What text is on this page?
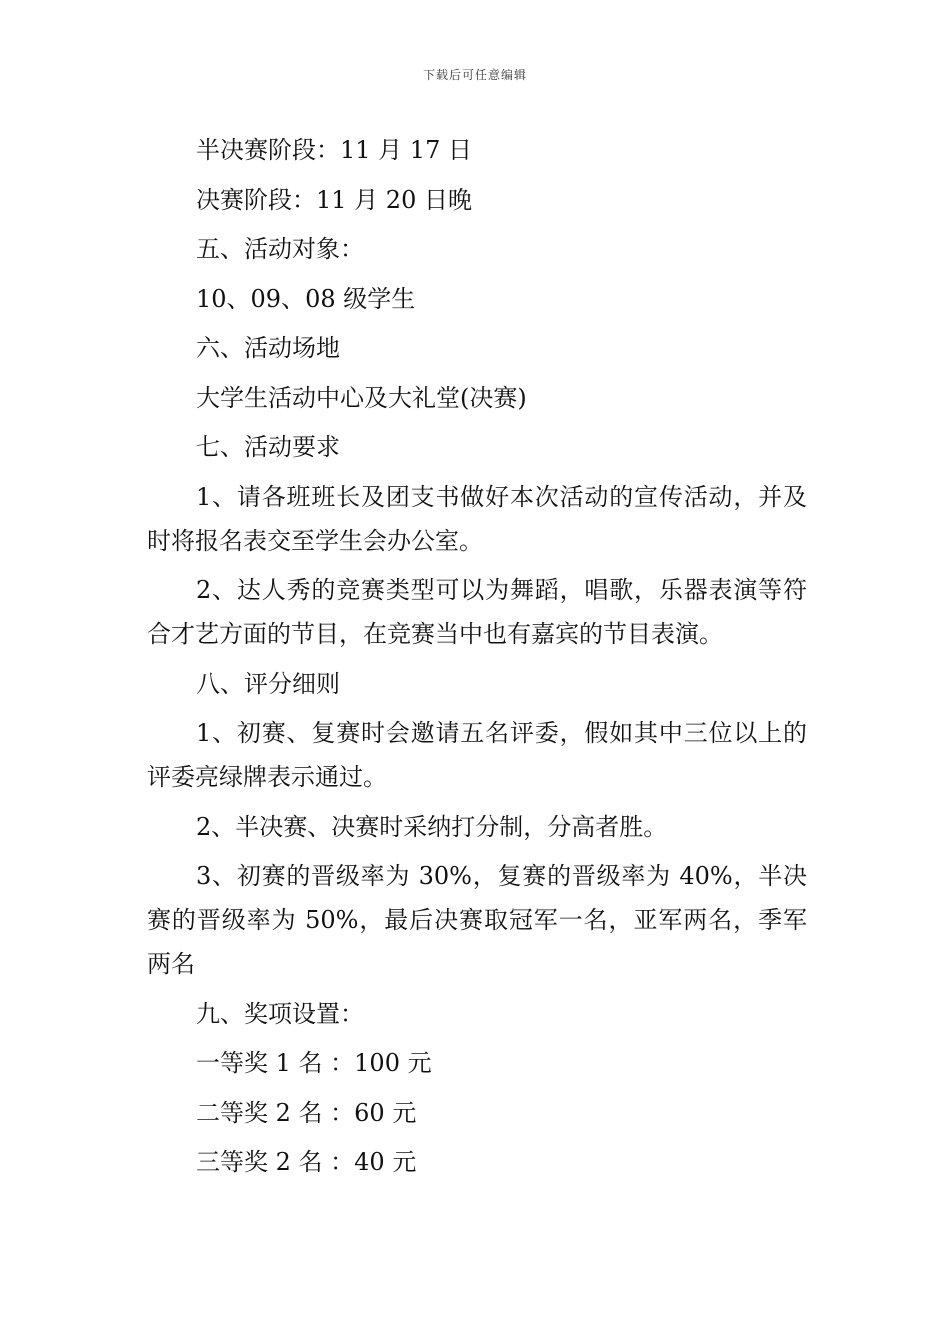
下载后可任意编辑

半决赛阶段：11 月 17 日

决赛阶段：11 月 20 日晚

五、活动对象：

10、09、08 级学生

六、活动场地

大学生活动中心及大礼堂(决赛)

七、活动要求

1、请各班班长及团支书做好本次活动的宣传活动，并及时将报名表交至学生会办公室。

2、达人秀的竞赛类型可以为舞蹈，唱歌，乐器表演等符合才艺方面的节目，在竞赛当中也有嘉宾的节目表演。

八、评分细则

1、初赛、复赛时会邀请五名评委，假如其中三位以上的评委亮绿牌表示通过。

2、半决赛、决赛时采纳打分制，分高者胜。

3、初赛的晋级率为 30%，复赛的晋级率为 40%，半决赛的晋级率为 50%，最后决赛取冠军一名，亚军两名，季军两名

九、奖项设置：

一等奖 1 名 ：100 元

二等奖 2 名 ：60 元

三等奖 2 名 ：40 元
